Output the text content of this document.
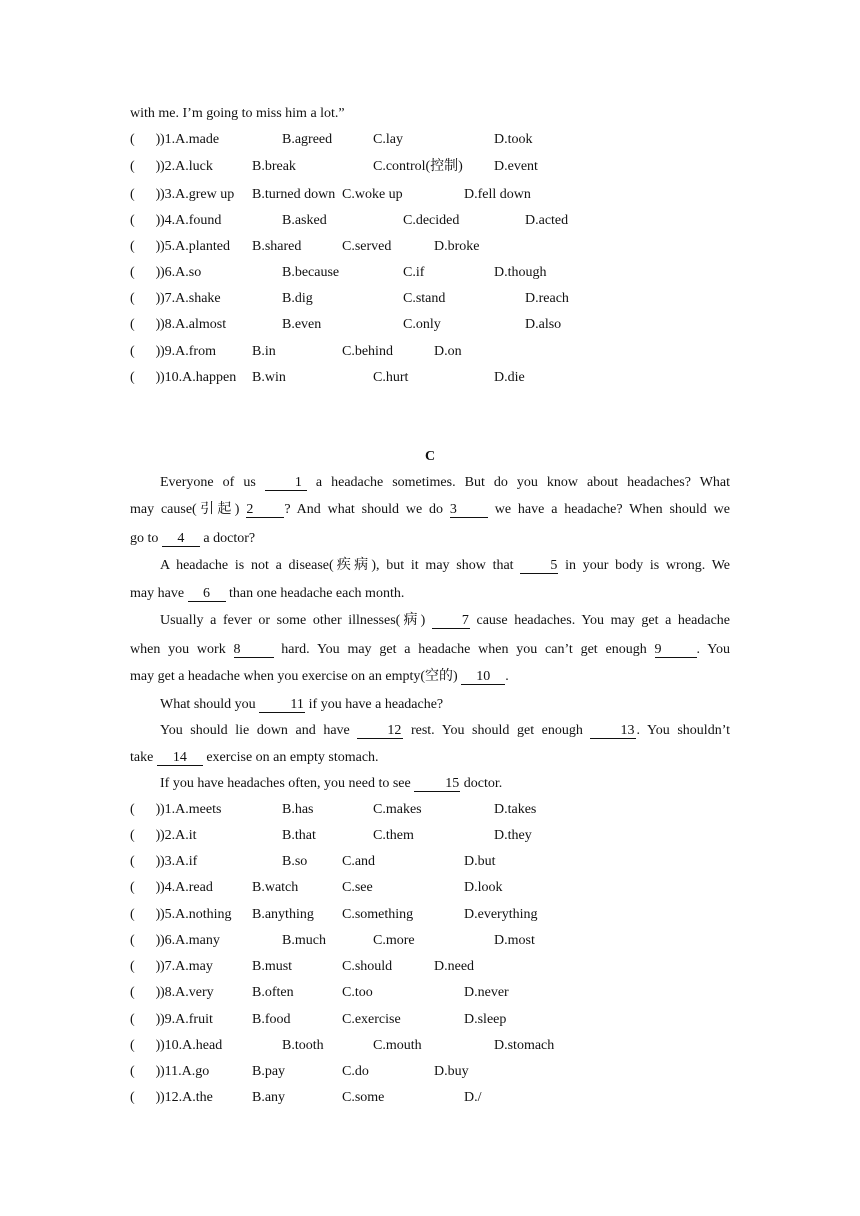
with me. I’m going to miss him a lot.”
(      ) )1.A.made	B.agreed	C.lay	D.took
(      ) )2.A.luck	B.break	C.control(控制) D.event
(      ) )3.A.grew up B.turned down C.woke up	D.fell down
(      ) )4.A.found	B.asked	C.decided	D.acted
(      ) )5.A.planted B.shared	C.served	D.broke
(      ) )6.A.so	B.because	C.if	D.though
(      ) )7.A.shake	B.dig	C.stand	D.reach
(      ) )8.A.almost	B.even	C.only	D.also
(      ) )9.A.from	B.in	C.behind	D.on
(      ) )10.A.happen B.win	C.hurt	D.die
C
Everyone of us	1 a headache sometimes. But do you know about headaches? What
may cause(引起) 2 ? And what should we do 3	we have a headache? When should we
go to 4 a doctor?
A headache is not a disease(疾病), but it may show that	5 in your body is wrong. We
may have 6 than one headache each month.
Usually a fever or some other illnesses(病)	7 cause headaches. You may get a headache
when you work 8	hard. You may get a headache when you can’t get enough 9	. You
may get a headache when you exercise on an empty(空的) 10 .
What should you 11 if you have a headache?
You should lie down and have	12 rest. You should get enough	13 . You shouldn’t
take 14 exercise on an empty stomach.
If you have headaches often, you need to see 15 doctor.
(      ) )1.A.meets	B.has	C.makes	D.takes
(      ) )2.A.it	B.that	C.them	D.they
(      ) )3.A.if	B.so C.and	D.but
(      ) )4.A.read	B.watch	C.see	D.look
(      ) )5.A.nothing B.anything C.something	D.everything
(      ) )6.A.many	B.much	C.more	D.most
(      ) )7.A.may	B.must	C.should	D.need
(      ) )8.A.very	B.often	C.too	D.never
(      ) )9.A.fruit	B.food	C.exercise	D.sleep
(      ) )10.A.head	B.tooth	C.mouth	D.stomach
(      ) )11.A.go	B.pay	C.do	D.buy
(      ) )12.A.the	B.any	C.some	D./
